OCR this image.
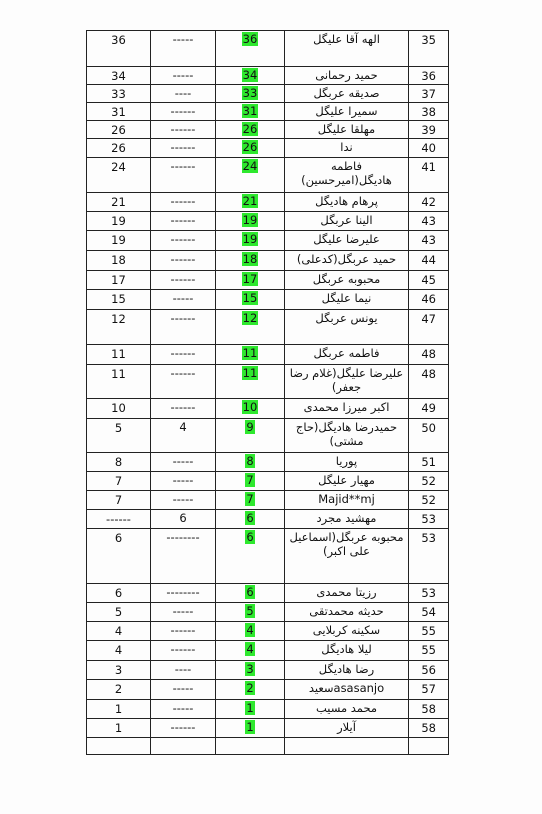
36	-----	36	الهه آقا علیگل	35
34	-----	34	حمید رحمانی	36
33	----	33	صدیقه عربگل	37
31	------	31	سمیرا علیگل	38
26	------	26	مهلقا علیگل	39
26	------	26	ندا	40
24	------	24	فاطمه هادیگل(امیرحسین)	41
21	------	21	پرهام هادیگل	42
19	------	19	الینا عربگل	43
19	------	19	علیرضا علیگل	43
18	------	18	حمید عربگل(کدعلی)	44
17	------	17	محبوبه عربگل	45
15	-----	15	نیما علیگل	46
12	------	12	یونس عربگل	47
11	------	11	فاطمه عربگل	48
11	------	11	علیرضا علیگل(غلام رضا جعفر)	48
10	------	10	اکبر میرزا محمدی	49
5	4	9	حمیدرضا هادیگل(حاج مشتی)	50
8	-----	8	پوریا	51
7	-----	7	مهیار علیگل	52
7	-----	7	Majid**mj	52
------	6	6	مهشید مجرد	53
6	--------	6	محبوبه عربگل(اسماعیل علی اکبر)	53
6	--------	6	رزیتا محمدی	53
5	-----	5	حدیثه محمدتقی	54
4	------	4	سکینه کربلایی	55
4	------	4	لیلا هادیگل	55
3	----	3	رضا هادیگل	56
2	-----	2	asasanjoسعید	57
1	-----	1	محمد مسیب	58
1	------	1	آیلار	58
